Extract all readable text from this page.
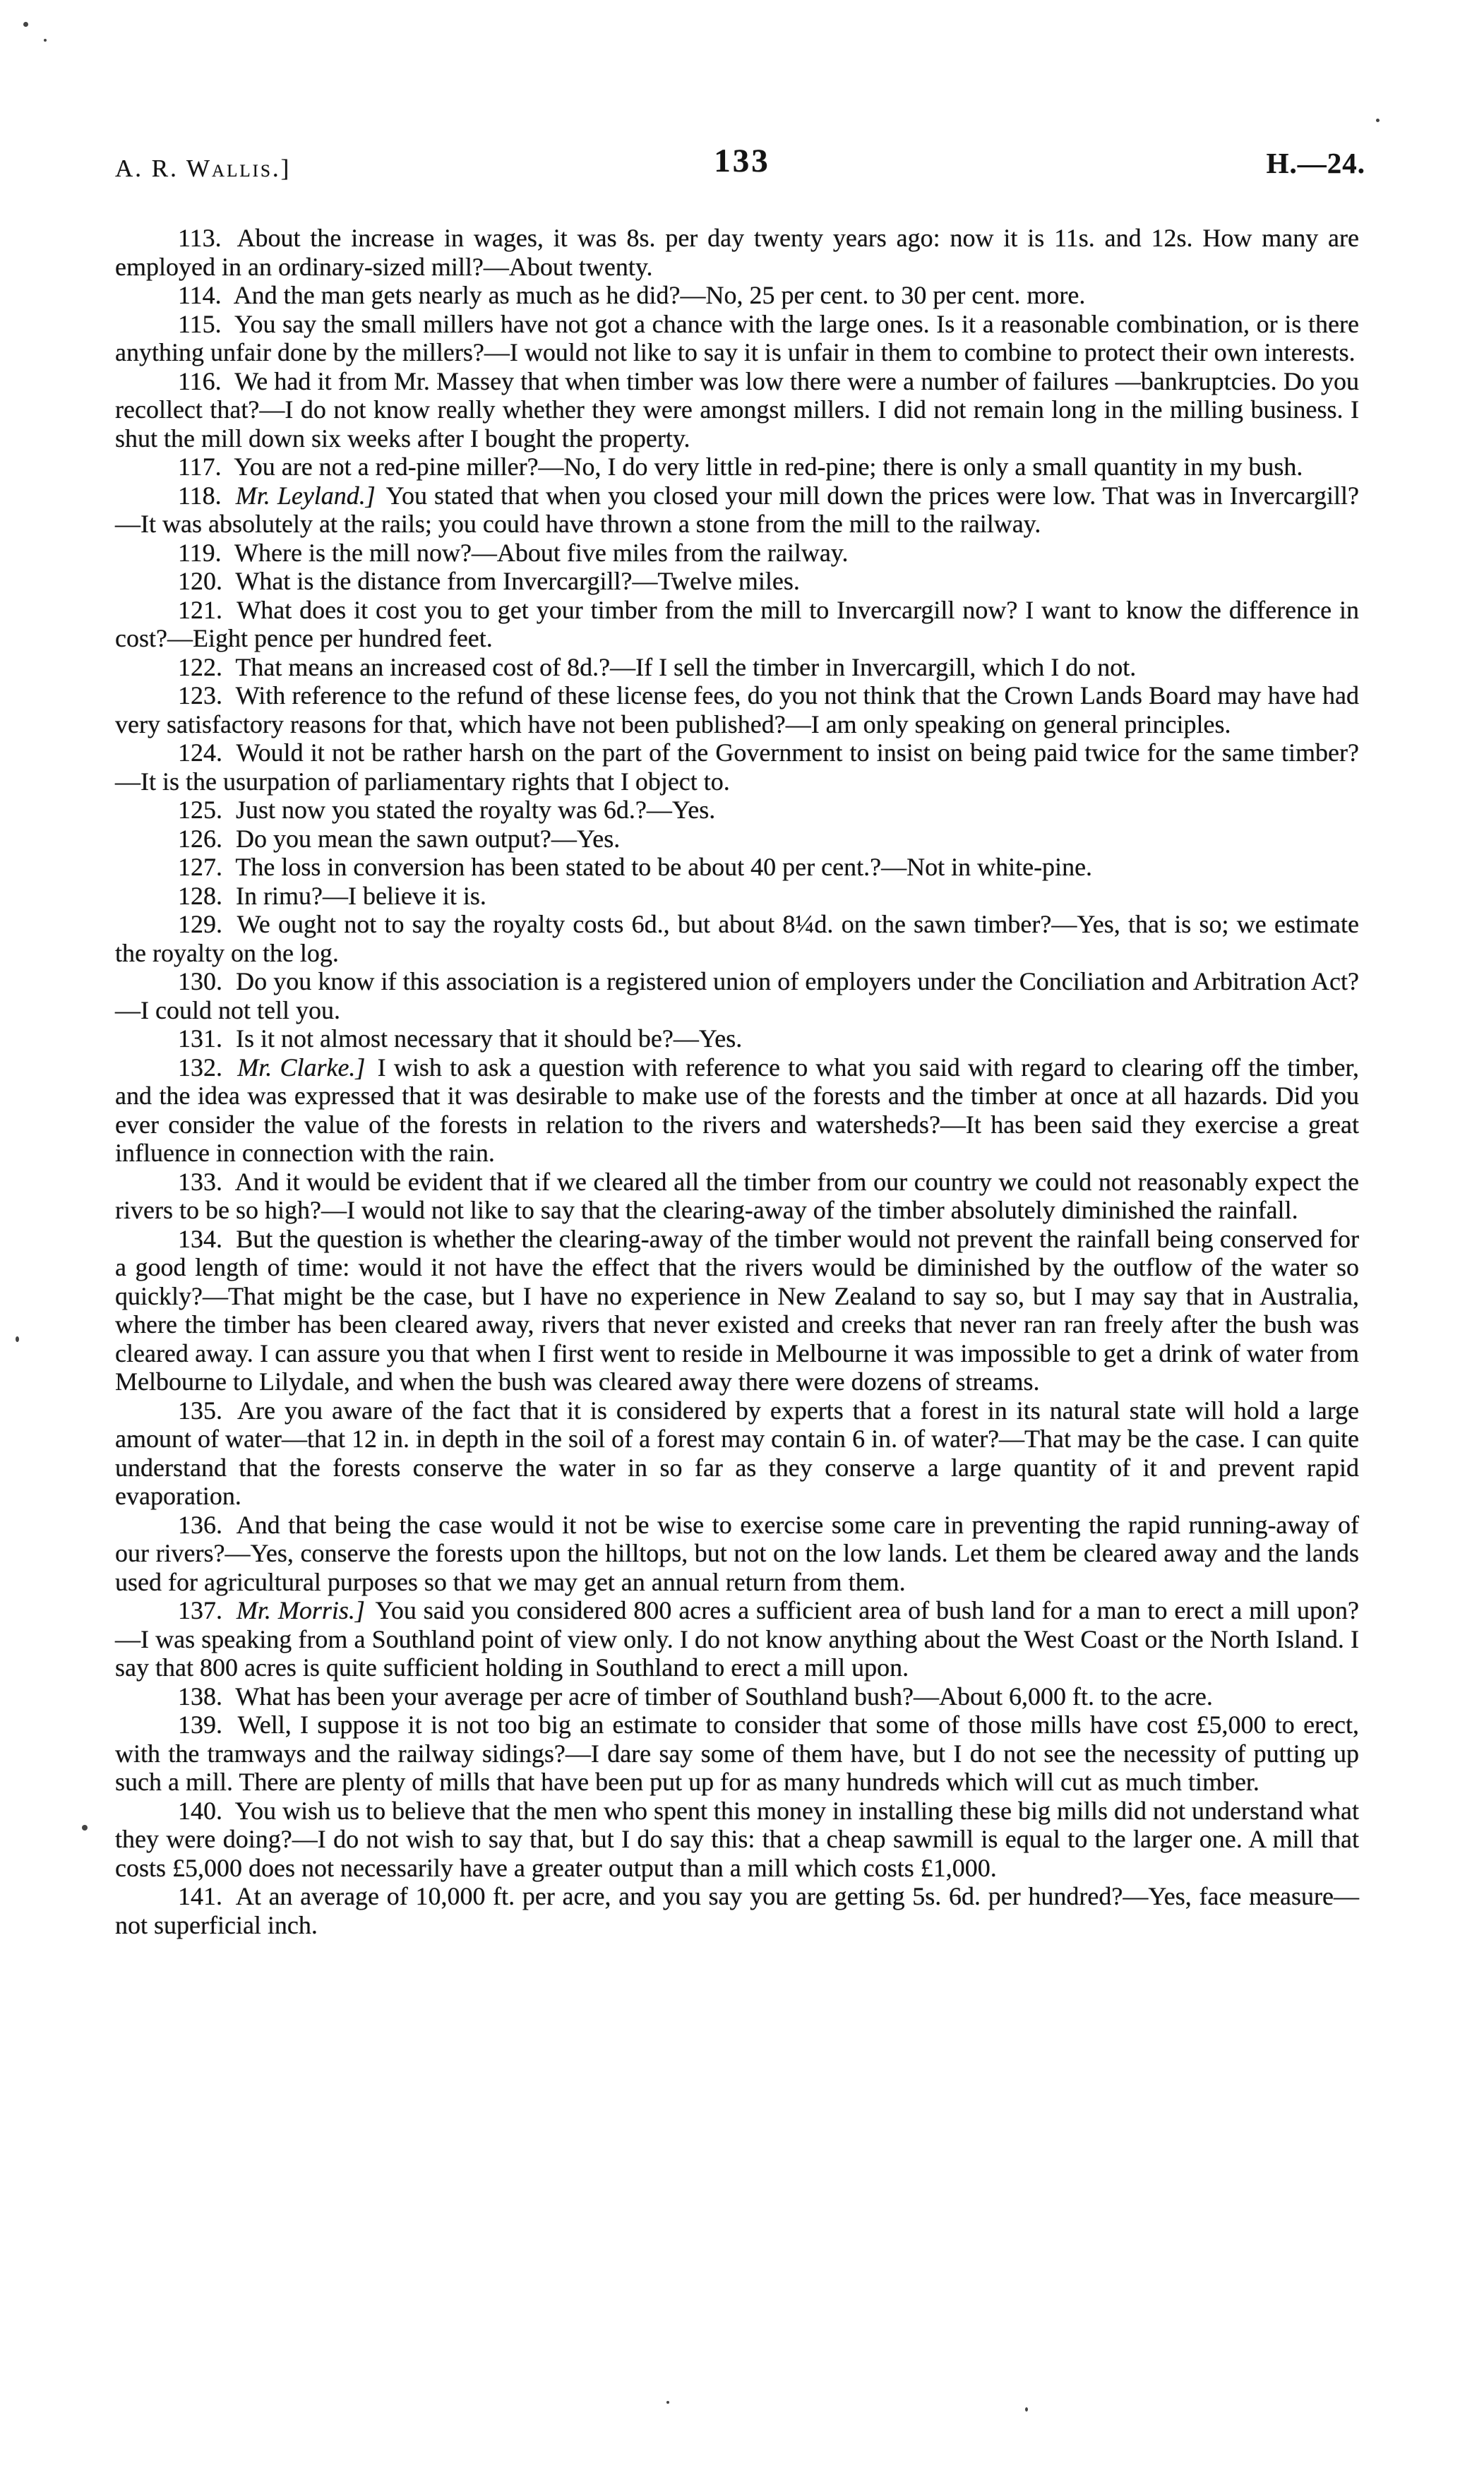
A. R. Wallis.]	133	H.—24.

113. About the increase in wages, it was 8s. per day twenty years ago: now it is 11s. and 12s. How many are employed in an ordinary-sized mill?—About twenty.

114. And the man gets nearly as much as he did?—No, 25 per cent. to 30 per cent. more.

115. You say the small millers have not got a chance with the large ones. Is it a reasonable combination, or is there anything unfair done by the millers?—I would not like to say it is unfair in them to combine to protect their own interests.

116. We had it from Mr. Massey that when timber was low there were a number of failures —bankruptcies. Do you recollect that?—I do not know really whether they were amongst millers. I did not remain long in the milling business. I shut the mill down six weeks after I bought the property.

117. You are not a red-pine miller?—No, I do very little in red-pine; there is only a small quantity in my bush.

118. Mr. Leyland.] You stated that when you closed your mill down the prices were low. That was in Invercargill?—It was absolutely at the rails; you could have thrown a stone from the mill to the railway.

119. Where is the mill now?—About five miles from the railway.

120. What is the distance from Invercargill?—Twelve miles.

121. What does it cost you to get your timber from the mill to Invercargill now? I want to know the difference in cost?—Eight pence per hundred feet.

122. That means an increased cost of 8d.?—If I sell the timber in Invercargill, which I do not.

123. With reference to the refund of these license fees, do you not think that the Crown Lands Board may have had very satisfactory reasons for that, which have not been published?—I am only speaking on general principles.

124. Would it not be rather harsh on the part of the Government to insist on being paid twice for the same timber?—It is the usurpation of parliamentary rights that I object to.

125. Just now you stated the royalty was 6d.?—Yes.

126. Do you mean the sawn output?—Yes.

127. The loss in conversion has been stated to be about 40 per cent.?—Not in white-pine.

128. In rimu?—I believe it is.

129. We ought not to say the royalty costs 6d., but about 8¼d. on the sawn timber?—Yes, that is so; we estimate the royalty on the log.

130. Do you know if this association is a registered union of employers under the Conciliation and Arbitration Act?—I could not tell you.

131. Is it not almost necessary that it should be?—Yes.

132. Mr. Clarke.] I wish to ask a question with reference to what you said with regard to clearing off the timber, and the idea was expressed that it was desirable to make use of the forests and the timber at once at all hazards. Did you ever consider the value of the forests in relation to the rivers and watersheds?—It has been said they exercise a great influence in connection with the rain.

133. And it would be evident that if we cleared all the timber from our country we could not reasonably expect the rivers to be so high?—I would not like to say that the clearing-away of the timber absolutely diminished the rainfall.

134. But the question is whether the clearing-away of the timber would not prevent the rainfall being conserved for a good length of time: would it not have the effect that the rivers would be diminished by the outflow of the water so quickly?—That might be the case, but I have no experience in New Zealand to say so, but I may say that in Australia, where the timber has been cleared away, rivers that never existed and creeks that never ran ran freely after the bush was cleared away. I can assure you that when I first went to reside in Melbourne it was impossible to get a drink of water from Melbourne to Lilydale, and when the bush was cleared away there were dozens of streams.

135. Are you aware of the fact that it is considered by experts that a forest in its natural state will hold a large amount of water—that 12 in. in depth in the soil of a forest may contain 6 in. of water?—That may be the case. I can quite understand that the forests conserve the water in so far as they conserve a large quantity of it and prevent rapid evaporation.

136. And that being the case would it not be wise to exercise some care in preventing the rapid running-away of our rivers?—Yes, conserve the forests upon the hilltops, but not on the low lands. Let them be cleared away and the lands used for agricultural purposes so that we may get an annual return from them.

137. Mr. Morris.] You said you considered 800 acres a sufficient area of bush land for a man to erect a mill upon?—I was speaking from a Southland point of view only. I do not know anything about the West Coast or the North Island. I say that 800 acres is quite sufficient holding in Southland to erect a mill upon.

138. What has been your average per acre of timber of Southland bush?—About 6,000 ft. to the acre.

139. Well, I suppose it is not too big an estimate to consider that some of those mills have cost £5,000 to erect, with the tramways and the railway sidings?—I dare say some of them have, but I do not see the necessity of putting up such a mill. There are plenty of mills that have been put up for as many hundreds which will cut as much timber.

140. You wish us to believe that the men who spent this money in installing these big mills did not understand what they were doing?—I do not wish to say that, but I do say this: that a cheap sawmill is equal to the larger one. A mill that costs £5,000 does not necessarily have a greater output than a mill which costs £1,000.

141. At an average of 10,000 ft. per acre, and you say you are getting 5s. 6d. per hundred?—Yes, face measure—not superficial inch.
